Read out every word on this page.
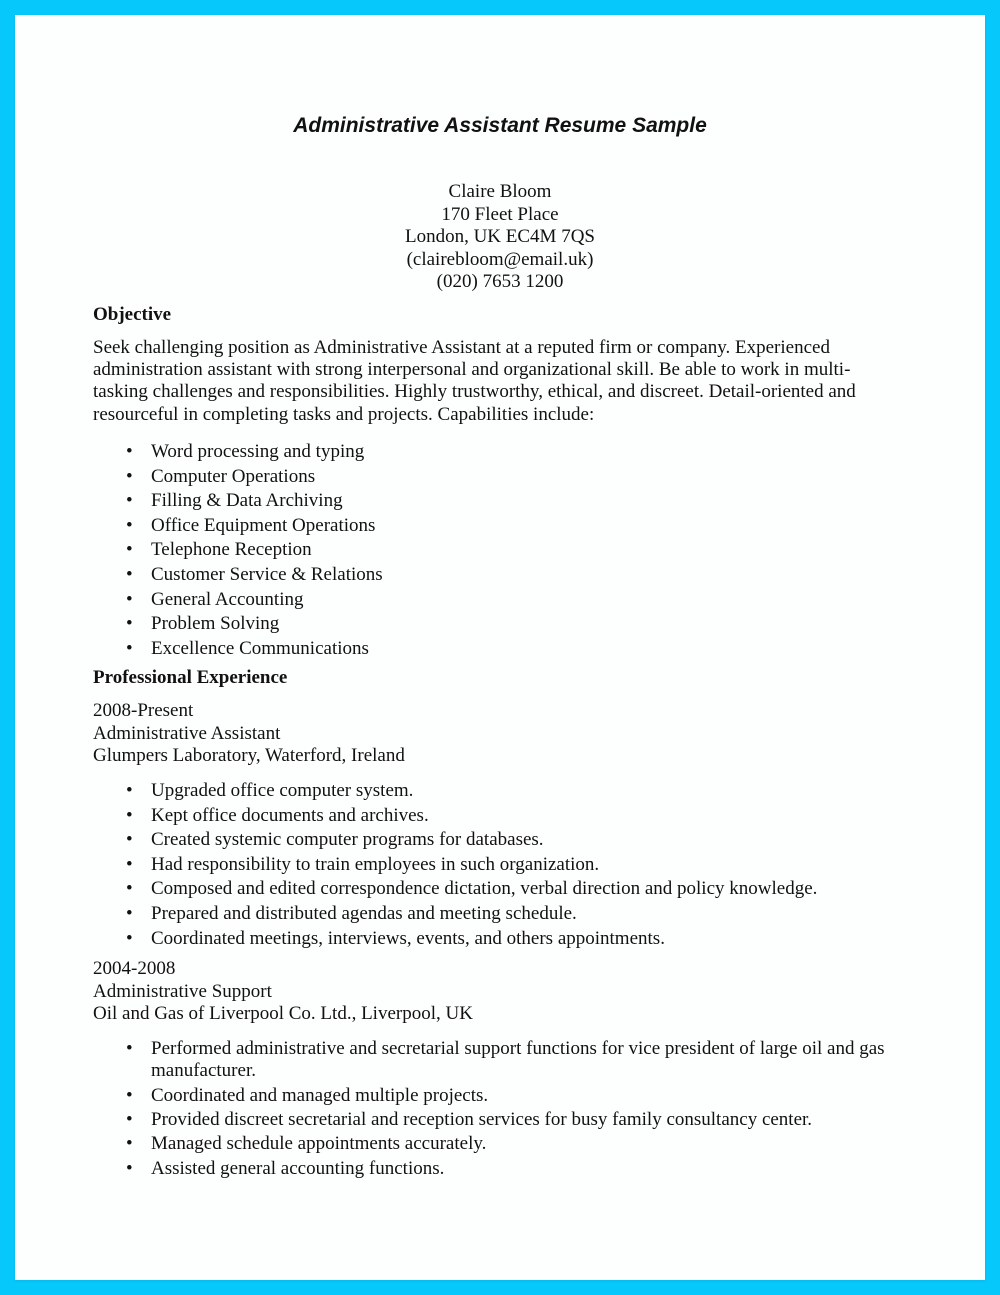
Administrative Assistant Resume Sample
Claire Bloom
170 Fleet Place
London, UK EC4M 7QS
(clairebloom@email.uk)
(020) 7653 1200
Objective
Seek challenging position as Administrative Assistant at a reputed firm or company. Experienced
administration assistant with strong interpersonal and organizational skill. Be able to work in multi-
tasking challenges and responsibilities. Highly trustworthy, ethical, and discreet. Detail-oriented and
resourceful in completing tasks and projects. Capabilities include:
• Word processing and typing
• Computer Operations
• Filling & Data Archiving
• Office Equipment Operations
• Telephone Reception
• Customer Service & Relations
• General Accounting
• Problem Solving
• Excellence Communications
Professional Experience
2008-Present
Administrative Assistant
Glumpers Laboratory, Waterford, Ireland
• Upgraded office computer system.
• Kept office documents and archives.
• Created systemic computer programs for databases.
• Had responsibility to train employees in such organization.
• Composed and edited correspondence dictation, verbal direction and policy knowledge.
• Prepared and distributed agendas and meeting schedule.
• Coordinated meetings, interviews, events, and others appointments.
2004-2008
Administrative Support
Oil and Gas of Liverpool Co. Ltd., Liverpool, UK
• Performed administrative and secretarial support functions for vice president of large oil and gas manufacturer.
• Coordinated and managed multiple projects.
• Provided discreet secretarial and reception services for busy family consultancy center.
• Managed schedule appointments accurately.
• Assisted general accounting functions.
